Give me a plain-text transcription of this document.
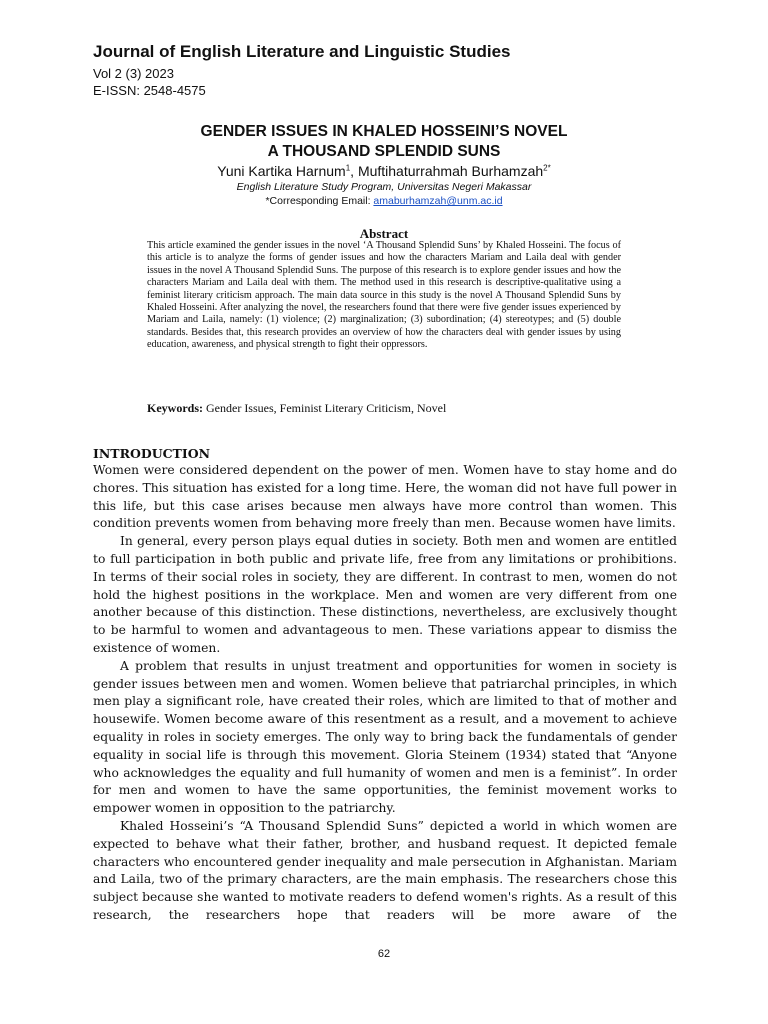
Journal of English Literature and Linguistic Studies
Vol 2 (3) 2023
E-ISSN: 2548-4575
GENDER ISSUES IN KHALED HOSSEINI’S NOVEL
A THOUSAND SPLENDID SUNS
Yuni Kartika Harnum$^1$, Muftihaturrahmah Burhamzah$^{2*}$
English Literature Study Program, Universitas Negeri Makassar
*Corresponding Email: amaburhamzah@unm.ac.id
Abstract
This article examined the gender issues in the novel ‘A Thousand Splendid Suns’ by Khaled Hosseini. The focus of this article is to analyze the forms of gender issues and how the characters Mariam and Laila deal with gender issues in the novel A Thousand Splendid Suns. The purpose of this research is to explore gender issues and how the characters Mariam and Laila deal with them. The method used in this research is descriptive-qualitative using a feminist literary criticism approach. The main data source in this study is the novel A Thousand Splendid Suns by Khaled Hosseini. After analyzing the novel, the researchers found that there were five gender issues experienced by Mariam and Laila, namely: (1) violence; (2) marginalization; (3) subordination; (4) stereotypes; and (5) double standards. Besides that, this research provides an overview of how the characters deal with gender issues by using education, awareness, and physical strength to fight their oppressors.
Keywords: Gender Issues, Feminist Literary Criticism, Novel
INTRODUCTION

Women were considered dependent on the power of men. Women have to stay home and do chores. This situation has existed for a long time. Here, the woman did not have full power in this life, but this case arises because men always have more control than women. This condition prevents women from behaving more freely than men. Because women have limits.

In general, every person plays equal duties in society. Both men and women are entitled to full participation in both public and private life, free from any limitations or prohibitions. In terms of their social roles in society, they are different. In contrast to men, women do not hold the highest positions in the workplace. Men and women are very different from one another because of this distinction. These distinctions, nevertheless, are exclusively thought to be harmful to women and advantageous to men. These variations appear to dismiss the existence of women.

A problem that results in unjust treatment and opportunities for women in society is gender issues between men and women. Women believe that patriarchal principles, in which men play a significant role, have created their roles, which are limited to that of mother and housewife. Women become aware of this resentment as a result, and a movement to achieve equality in roles in society emerges. The only way to bring back the fundamentals of gender equality in social life is through this movement. Gloria Steinem (1934) stated that “Anyone who acknowledges the equality and full humanity of women and men is a feminist”. In order for men and women to have the same opportunities, the feminist movement works to empower women in opposition to the patriarchy.

Khaled Hosseini’s “A Thousand Splendid Suns” depicted a world in which women are expected to behave what their father, brother, and husband request. It depicted female characters who encountered gender inequality and male persecution in Afghanistan. Mariam and Laila, two of the primary characters, are the main emphasis. The researchers chose this subject because she wanted to motivate readers to defend women's rights. As a result of this research, the researchers hope that readers will be more aware of the

62
